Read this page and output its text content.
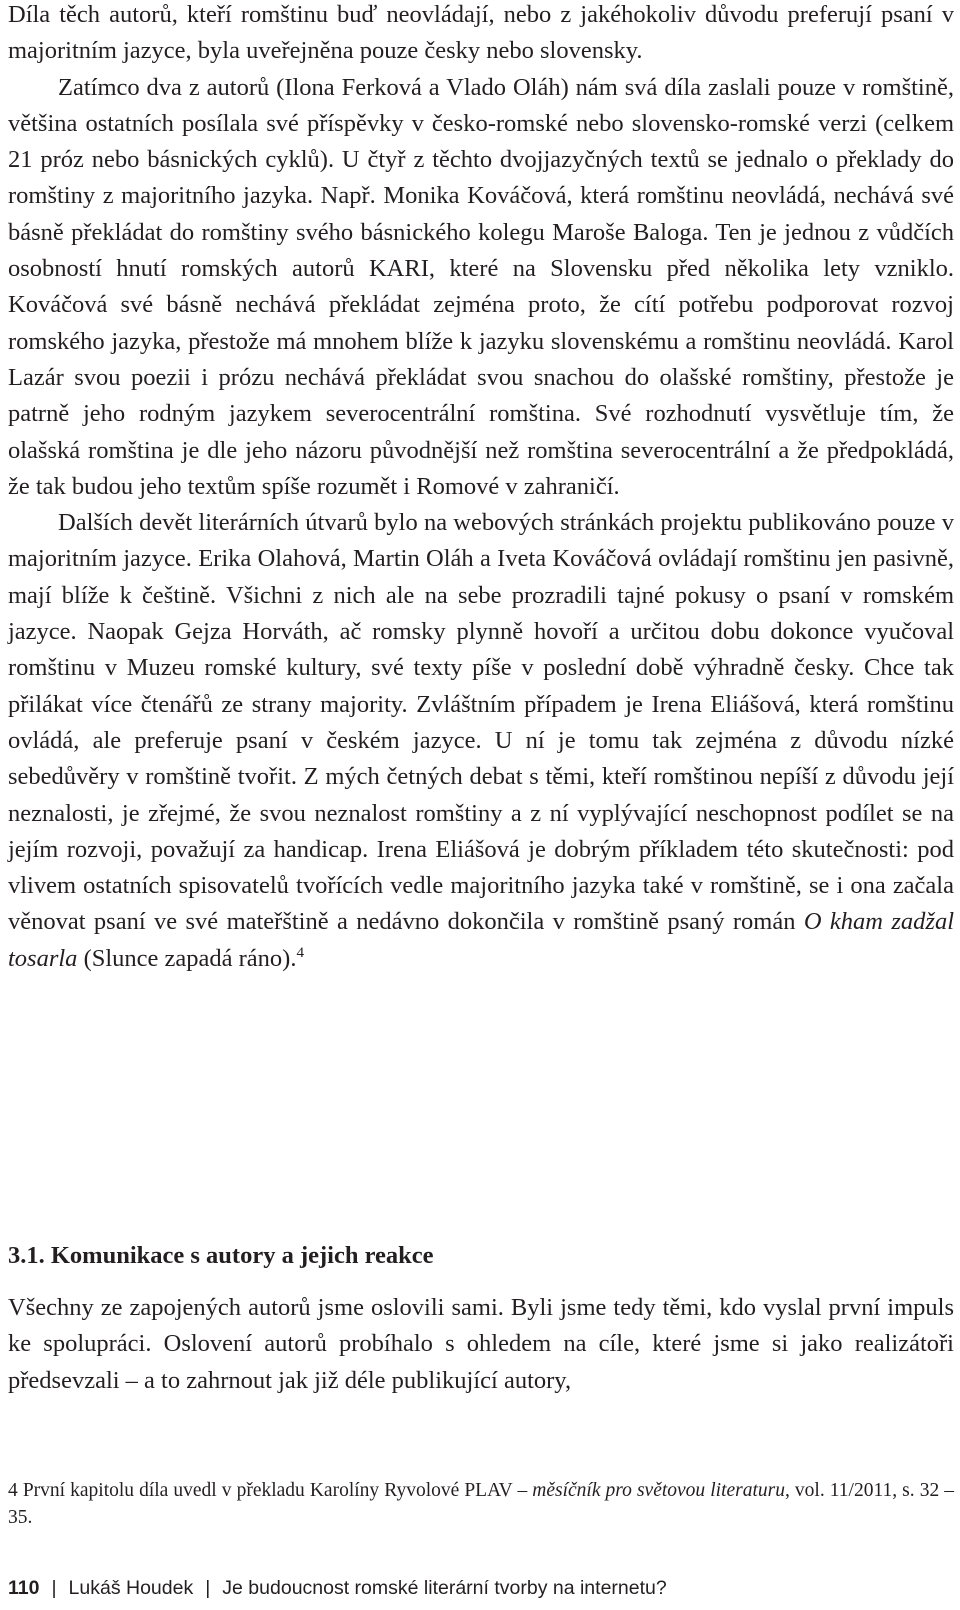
Díla těch autorů, kteří romštinu buď neovládají, nebo z jakéhokoliv důvodu preferují psaní v majoritním jazyce, byla uveřejněna pouze česky nebo slovensky.

Zatímco dva z autorů (Ilona Ferková a Vlado Oláh) nám svá díla zaslali pouze v romštině, většina ostatních posílala své příspěvky v česko-romské nebo slovensko-romské verzi (celkem 21 próz nebo básnických cyklů). U čtyř z těchto dvojjazyčných textů se jednalo o překlady do romštiny z majoritního jazyka. Např. Monika Kováčová, která romštinu neovládá, nechává své básně překládat do romštiny svého básnického kolegu Maroše Baloga. Ten je jednou z vůdčích osobností hnutí romských autorů KARI, které na Slovensku před několika lety vzniklo. Kováčová své básně nechává překládat zejména proto, že cítí potřebu podporovat rozvoj romského jazyka, přestože má mnohem blíže k jazyku slovenskému a romštinu neovládá. Karol Lazár svou poezii i prózu nechává překládat svou snachou do olašské romštiny, přestože je patrně jeho rodným jazykem severocentrální romština. Své rozhodnutí vysvětluje tím, že olašská romština je dle jeho názoru původnější než romština severocentrální a že předpokládá, že tak budou jeho textům spíše rozumět i Romové v zahraničí.

Dalších devět literárních útvarů bylo na webových stránkách projektu publikováno pouze v majoritním jazyce. Erika Olahová, Martin Oláh a Iveta Kováčová ovládají romštinu jen pasivně, mají blíže k češtině. Všichni z nich ale na sebe prozradili tajné pokusy o psaní v romském jazyce. Naopak Gejza Horváth, ač romsky plynně hovoří a určitou dobu dokonce vyučoval romštinu v Muzeu romské kultury, své texty píše v poslední době výhradně česky. Chce tak přilákat více čtenářů ze strany majority. Zvláštním případem je Irena Eliášová, která romštinu ovládá, ale preferuje psaní v českém jazyce. U ní je tomu tak zejména z důvodu nízké sebedůvěry v romštině tvořit. Z mých četných debat s těmi, kteří romštinou nepíší z důvodu její neznalosti, je zřejmé, že svou neznalost romštiny a z ní vyplývající neschopnost podílet se na jejím rozvoji, považují za handicap. Irena Eliášová je dobrým příkladem této skutečnosti: pod vlivem ostatních spisovatelů tvořících vedle majoritního jazyka také v romštině, se i ona začala věnovat psaní ve své mateřštině a nedávno dokončila v romštině psaný román O kham zadžal tosarla (Slunce zapadá ráno).$^4$

3.1. Komunikace s autory a jejich reakce

Všechny ze zapojených autorů jsme oslovili sami. Byli jsme tedy těmi, kdo vyslal první impuls ke spolupráci. Oslovení autorů probíhalo s ohledem na cíle, které jsme si jako realizátoři předsevzali – a to zahrnout jak již déle publikující autory,

4 První kapitolu díla uvedl v překladu Karolíny Ryvolové PLAV – měsíčník pro světovou literaturu, vol. 11/2011, s. 32 – 35.

110 | Lukáš Houdek | Je budoucnost romské literární tvorby na internetu?
